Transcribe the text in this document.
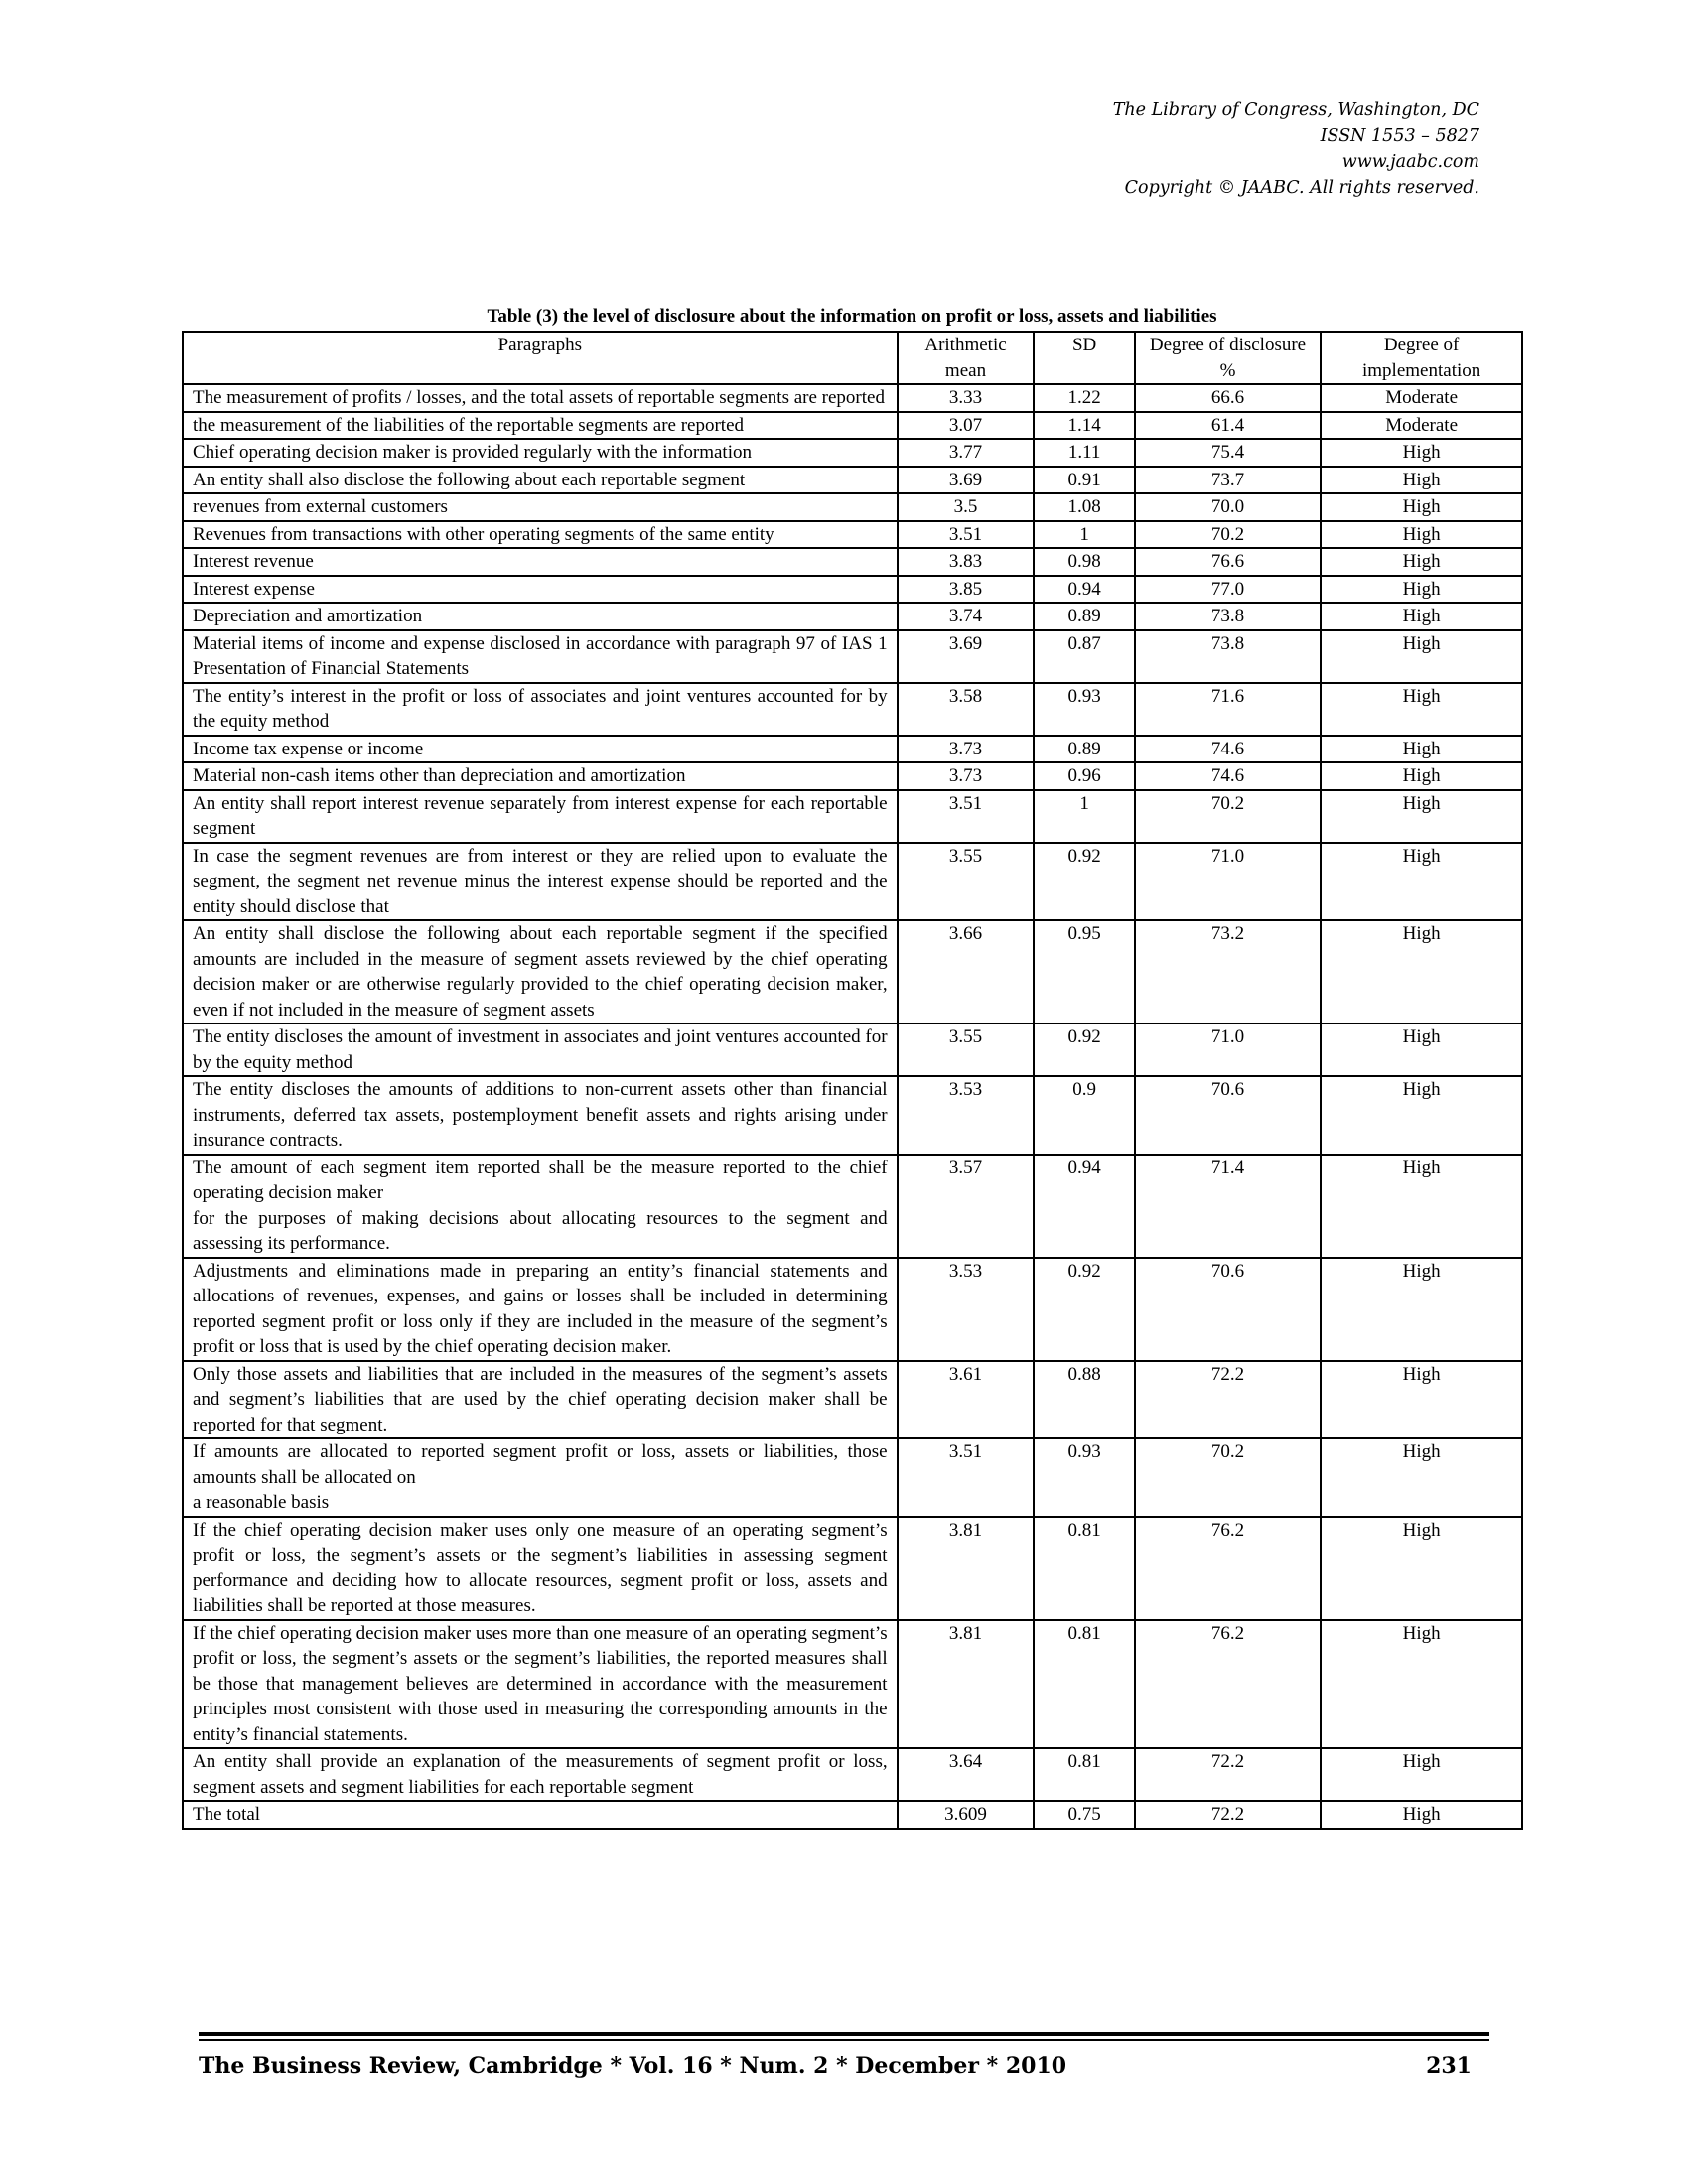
The Library of Congress, Washington, DC
ISSN 1553 – 5827
www.jaabc.com
Copyright © JAABC. All rights reserved.
Table (3) the level of disclosure about the information on profit or loss, assets and liabilities
Paragraphs	Arithmetic mean	SD	Degree of disclosure %	Degree of implementation
The measurement of profits / losses, and the total assets of reportable segments are reported	3.33	1.22	66.6	Moderate
the measurement of the liabilities of the reportable segments are reported	3.07	1.14	61.4	Moderate
Chief operating decision maker is provided regularly with the information	3.77	1.11	75.4	High
An entity shall also disclose the following about each reportable segment	3.69	0.91	73.7	High
revenues from external customers	3.5	1.08	70.0	High
Revenues from transactions with other operating segments of the same entity	3.51	1	70.2	High
Interest revenue	3.83	0.98	76.6	High
Interest expense	3.85	0.94	77.0	High
Depreciation and amortization	3.74	0.89	73.8	High
Material items of income and expense disclosed in accordance with paragraph 97 of IAS 1 Presentation of Financial Statements	3.69	0.87	73.8	High
The entity’s interest in the profit or loss of associates and joint ventures accounted for by the equity method	3.58	0.93	71.6	High
Income tax expense or income	3.73	0.89	74.6	High
Material non-cash items other than depreciation and amortization	3.73	0.96	74.6	High
An entity shall report interest revenue separately from interest expense for each reportable segment	3.51	1	70.2	High
In case the segment revenues are from interest or they are relied upon to evaluate the segment, the segment net revenue minus the interest expense should be reported and the entity should disclose that	3.55	0.92	71.0	High
An entity shall disclose the following about each reportable segment if the specified amounts are included in the measure of segment assets reviewed by the chief operating decision maker or are otherwise regularly provided to the chief operating decision maker, even if not included in the measure of segment assets	3.66	0.95	73.2	High
The entity discloses the amount of investment in associates and joint ventures accounted for by the equity method	3.55	0.92	71.0	High
The entity discloses the amounts of additions to non-current assets other than financial instruments, deferred tax assets, postemployment benefit assets and rights arising under insurance contracts.	3.53	0.9	70.6	High
The amount of each segment item reported shall be the measure reported to the chief operating decision maker
for the purposes of making decisions about allocating resources to the segment and assessing its performance.	3.57	0.94	71.4	High
Adjustments and eliminations made in preparing an entity’s financial statements and allocations of revenues, expenses, and gains or losses shall be included in determining reported segment profit or loss only if they are included in the measure of the segment’s profit or loss that is used by the chief operating decision maker.	3.53	0.92	70.6	High
Only those assets and liabilities that are included in the measures of the segment’s assets and segment’s liabilities that are used by the chief operating decision maker shall be reported for that segment.	3.61	0.88	72.2	High
If amounts are allocated to reported segment profit or loss, assets or liabilities, those amounts shall be allocated on
a reasonable basis	3.51	0.93	70.2	High
If the chief operating decision maker uses only one measure of an operating segment’s profit or loss, the segment’s assets or the segment’s liabilities in assessing segment performance and deciding how to allocate resources, segment profit or loss, assets and liabilities shall be reported at those measures.	3.81	0.81	76.2	High
If the chief operating decision maker uses more than one measure of an operating segment’s profit or loss, the segment’s assets or the segment’s liabilities, the reported measures shall be those that management believes are determined in accordance with the measurement principles most consistent with those used in measuring the corresponding amounts in the entity’s financial statements.	3.81	0.81	76.2	High
An entity shall provide an explanation of the measurements of segment profit or loss, segment assets and segment liabilities for each reportable segment	3.64	0.81	72.2	High
The total	3.609	0.75	72.2	High
The Business Review, Cambridge * Vol. 16 * Num. 2 * December * 2010	231
